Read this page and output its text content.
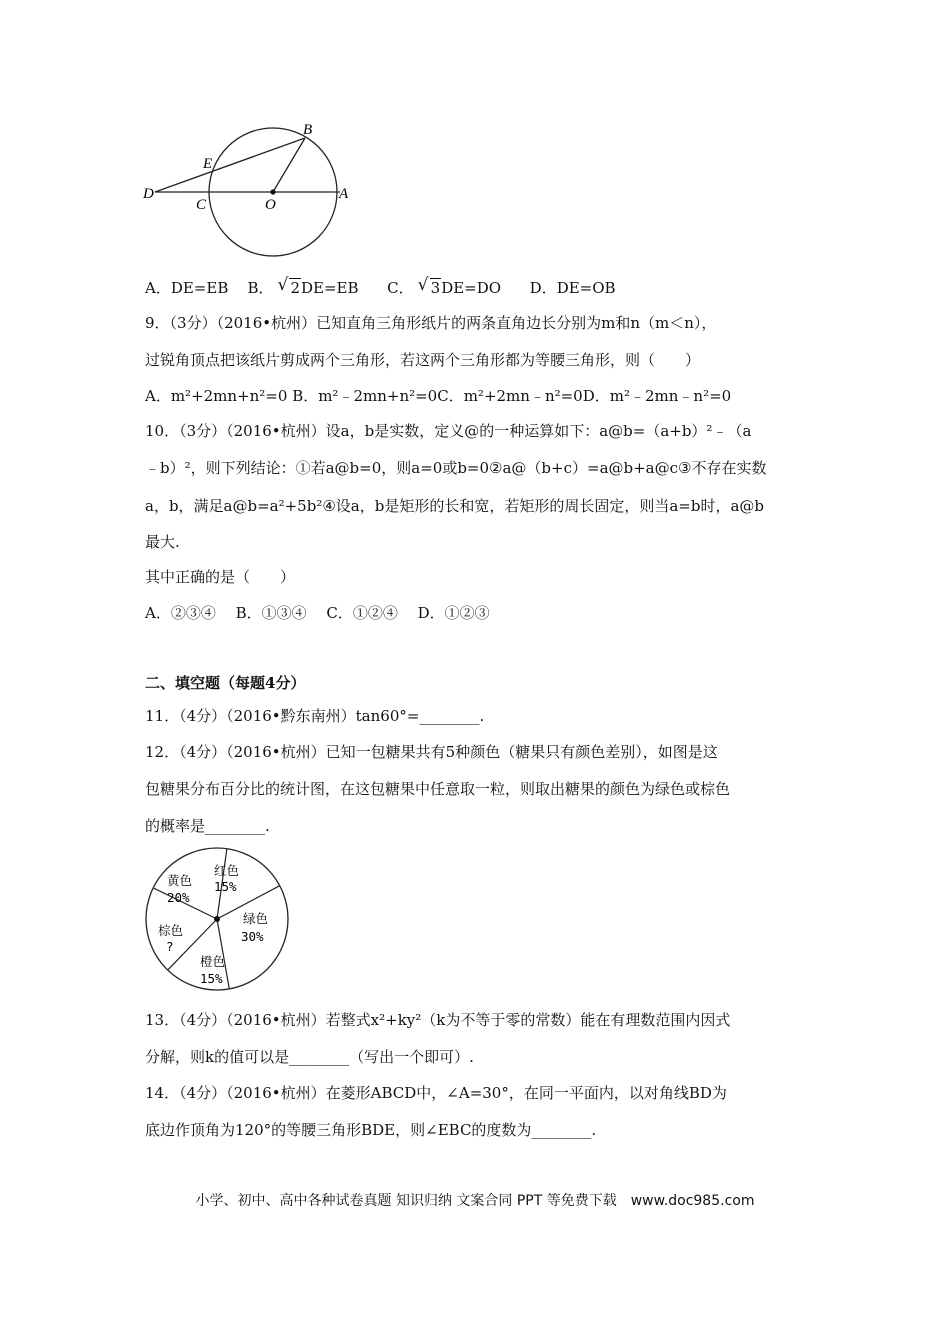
B
E
D
C	O
A
A．DE=EB B． √ 2DE=EB C． √ 3DE=DO D．DE=OB
9．（3分）（2016•杭州）已知直角三角形纸片的两条直角边长分别为m和n（m＜n），
过锐角顶点把该纸片剪成两个三角形，若这两个三角形都为等腰三角形，则（　　）
A．m²+2mn+n²=0 B．m²﹣2mn+n²=0C．m²+2mn﹣n²=0D．m²﹣2mn﹣n²=0
10．（3分）（2016•杭州）设a，b是实数，定义@的一种运算如下：a@b=（a+b）²﹣（a
﹣b）²，则下列结论：①若a@b=0，则a=0或b=0②a@（b+c）=a@b+a@c③不存在实数
a，b，满足a@b=a²+5b²④设a，b是矩形的长和宽，若矩形的周长固定，则当a=b时，a@b
最大.
其中正确的是（　　）
A．②③④　 B．①③④　 C．①②④　 D．①②③
二、填空题（每题4分）
11．（4分）（2016•黔东南州）tan60°=________.
12．（4分）（2016•杭州）已知一包糖果共有5种颜色（糖果只有颜色差别），如图是这
包糖果分布百分比的统计图，在这包糖果中任意取一粒，则取出糖果的颜色为绿色或棕色
的概率是________.
红色
15%
绿色
30%
橙色
15%
棕色
?
黄色
20%
13．（4分）（2016•杭州）若整式x²+ky²（k为不等于零的常数）能在有理数范围内因式
分解，则k的值可以是________（写出一个即可）.
14．（4分）（2016•杭州）在菱形ABCD中，∠A=30°，在同一平面内，以对角线BD为
底边作顶角为120°的等腰三角形BDE，则∠EBC的度数为________.
小学、初中、高中各种试卷真题 知识归纳 文案合同 PPT 等免费下载　www.doc985.com
